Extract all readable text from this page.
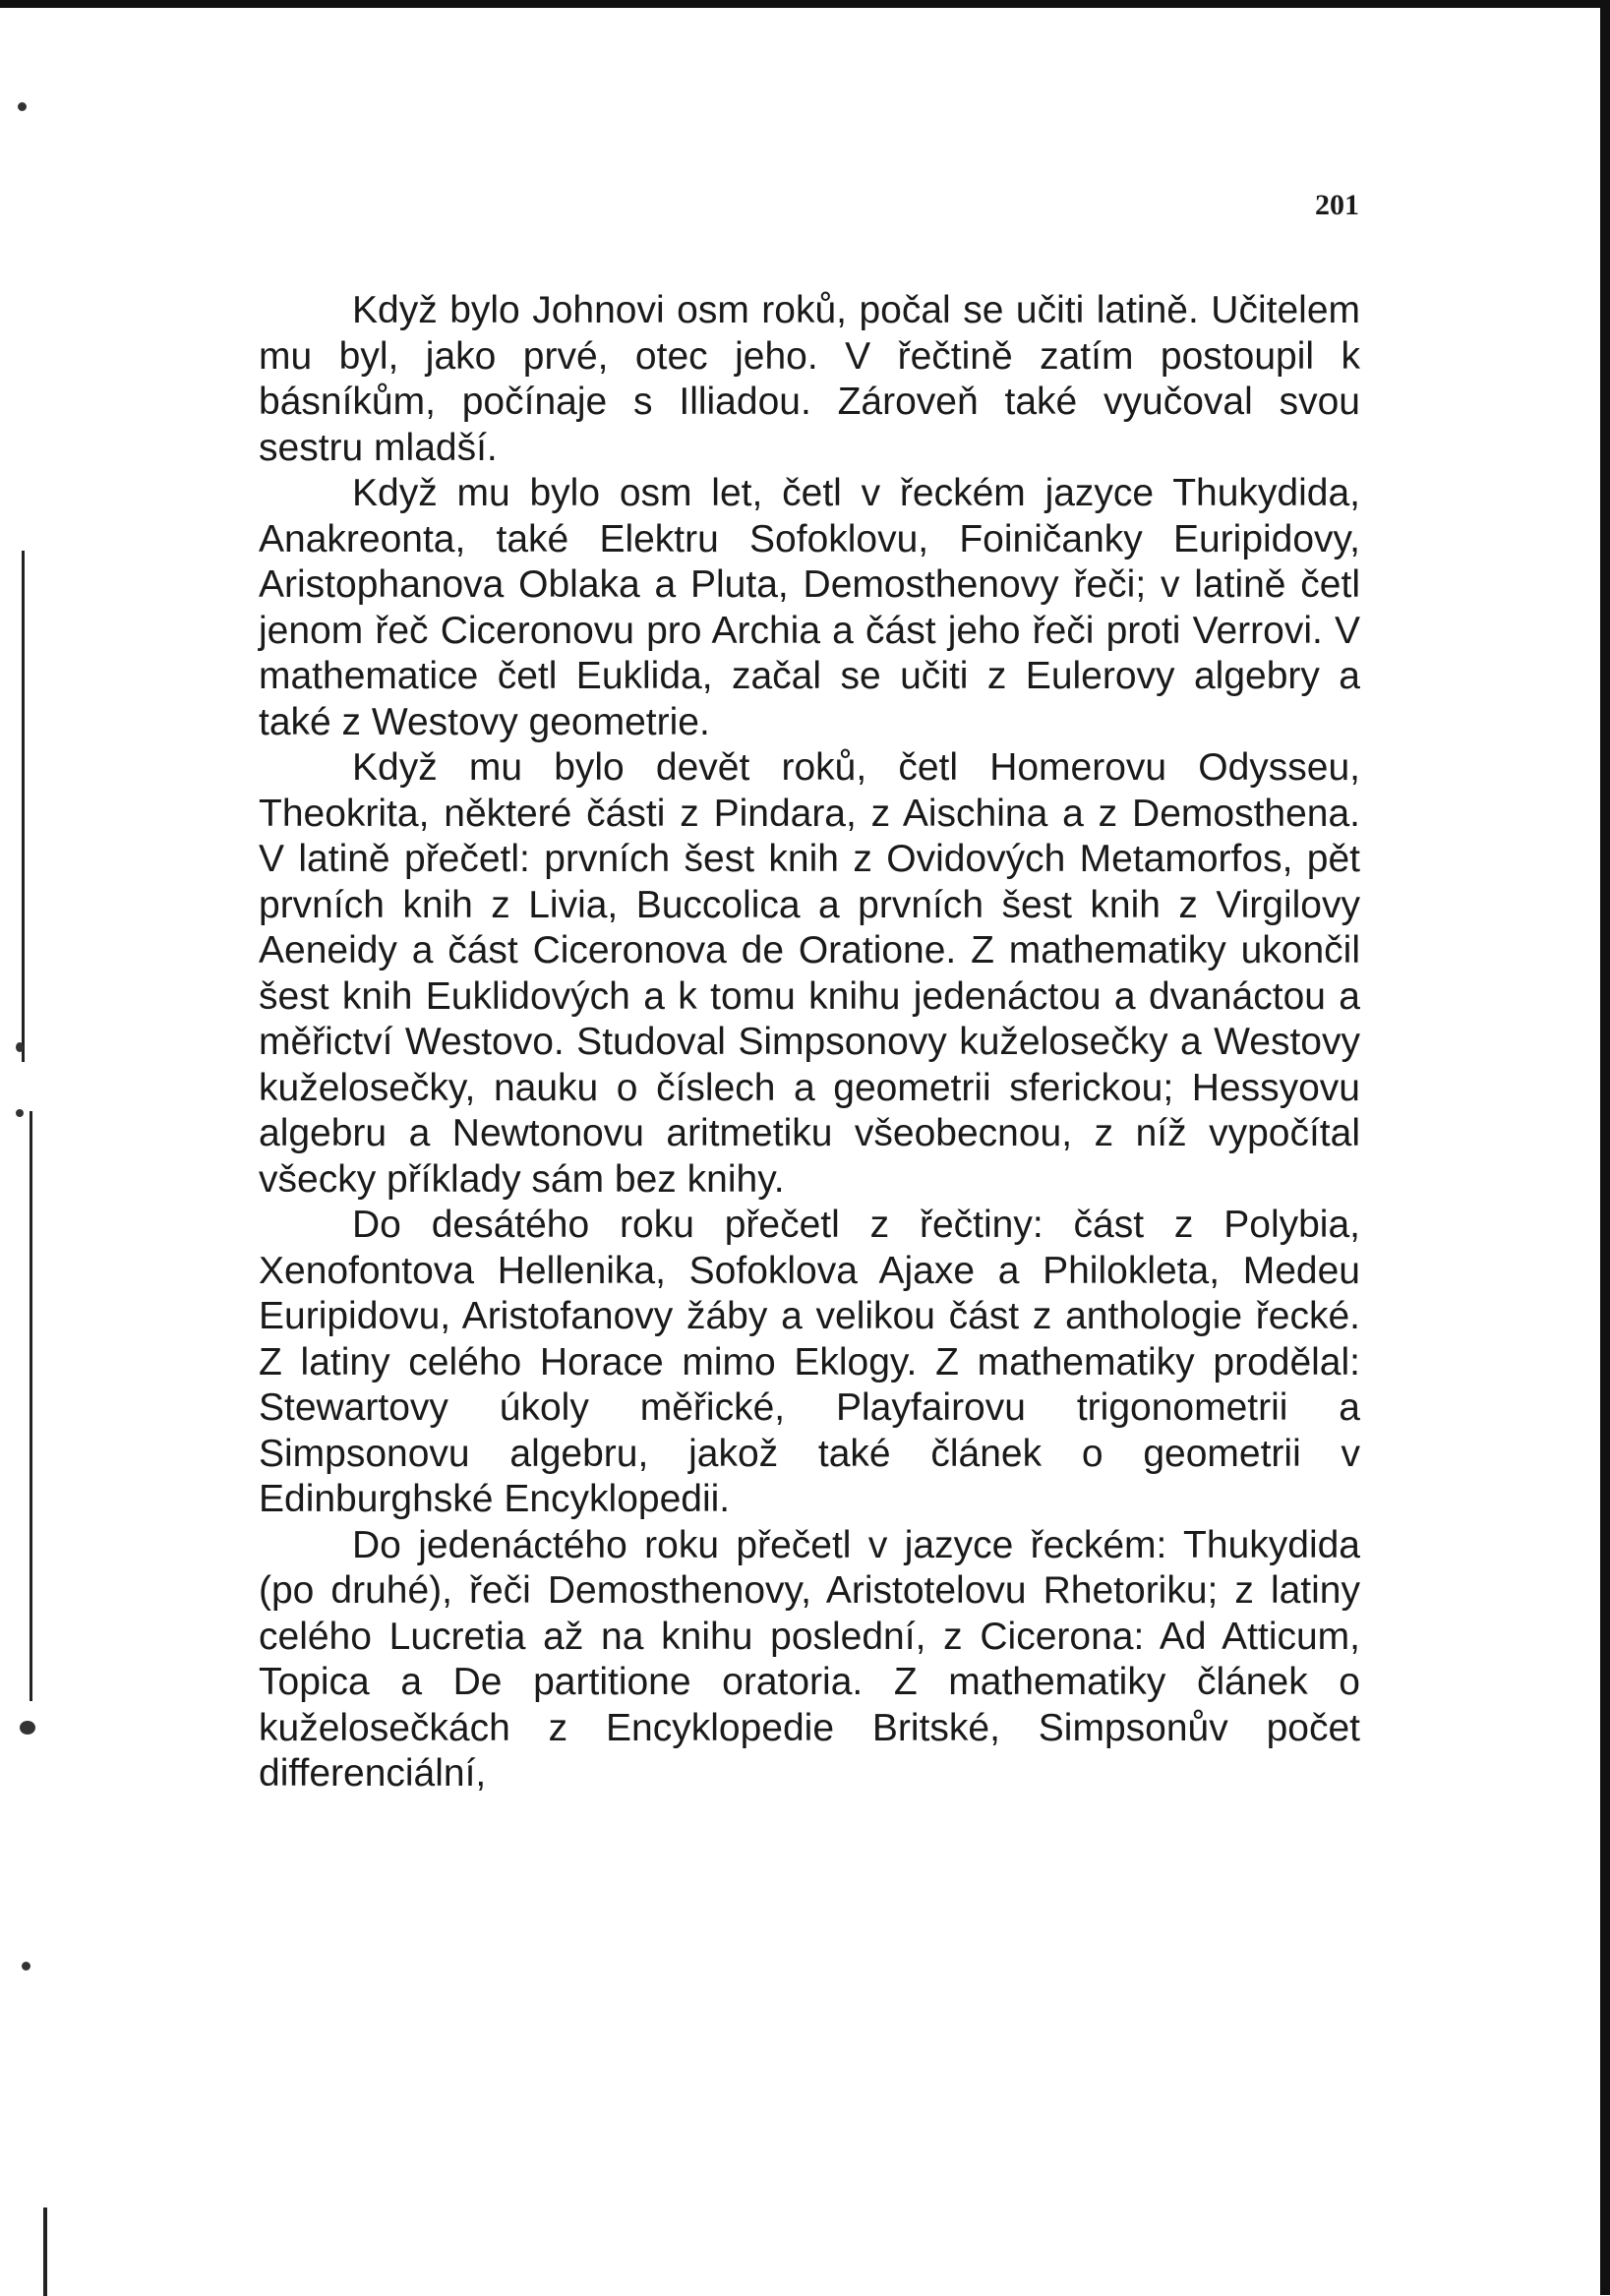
201

Když bylo Johnovi osm roků, počal se učiti latině. Učitelem mu byl, jako prvé, otec jeho. V řečtině zatím postoupil k básníkům, počínaje s Illiadou. Zároveň také vyučoval svou sestru mladší.

Když mu bylo osm let, četl v řeckém jazyce Thukydida, Anakreonta, také Elektru Sofoklovu, Foiničanky Euripidovy, Aristophanova Oblaka a Pluta, Demosthenovy řeči; v latině četl jenom řeč Ciceronovu pro Archia a část jeho řeči proti Verrovi. V mathematice četl Euklida, začal se učiti z Eulerovy algebry a také z Westovy geometrie.

Když mu bylo devět roků, četl Homerovu Odysseu, Theokrita, některé části z Pindara, z Aischina a z Demosthena. V latině přečetl: prvních šest knih z Ovidových Metamorfos, pět prvních knih z Livia, Buccolica a prvních šest knih z Virgilovy Aeneidy a část Ciceronova de Oratione. Z mathematiky ukončil šest knih Euklidových a k tomu knihu jedenáctou a dvanáctou a měřictví Westovo. Studoval Simpsonovy kuželosečky a Westovy kuželosečky, nauku o číslech a geometrii sferickou; Hessyovu algebru a Newtonovu aritmetiku všeobecnou, z níž vypočítal všecky příklady sám bez knihy.

Do desátého roku přečetl z řečtiny: část z Polybia, Xenofontova Hellenika, Sofoklova Ajaxe a Philokleta, Medeu Euripidovu, Aristofanovy žáby a velikou část z anthologie řecké. Z latiny celého Horace mimo Eklogy. Z mathematiky prodělal: Stewartovy úkoly měřické, Playfairovu trigonometrii a Simpsonovu algebru, jakož také článek o geometrii v Edinburghské Encyklopedii.

Do jedenáctého roku přečetl v jazyce řeckém: Thukydida (po druhé), řeči Demosthenovy, Aristotelovu Rhetoriku; z latiny celého Lucretia až na knihu poslední, z Cicerona: Ad Atticum, Topica a De partitione oratoria. Z mathematiky článek o kuželosečkách z Encyklopedie Britské, Simpsonův počet differenciální,
